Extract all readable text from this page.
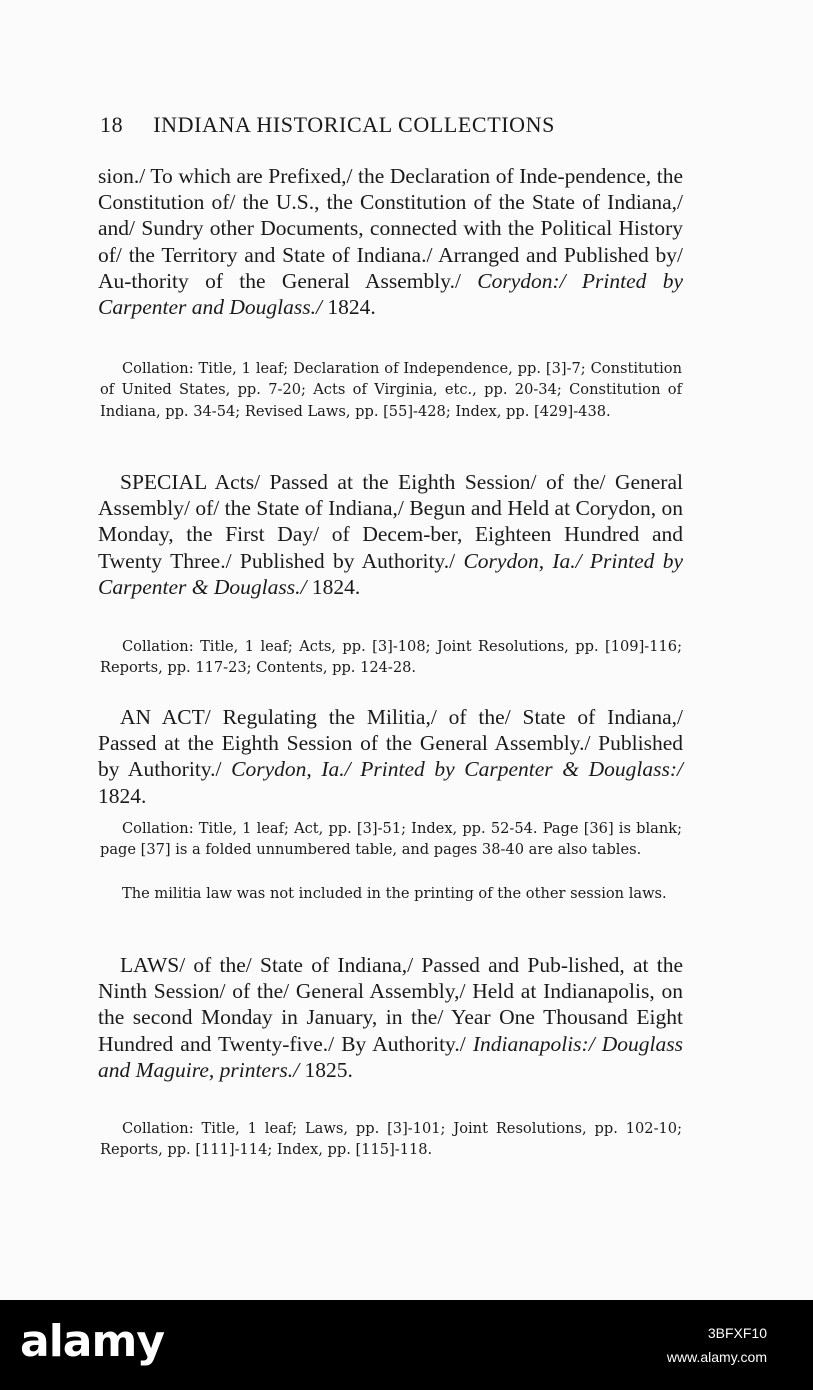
18 INDIANA HISTORICAL COLLECTIONS

sion./ To which are Prefixed,/ the Declaration of Inde-pendence, the Constitution of/ the U.S., the Constitution of the State of Indiana,/ and/ Sundry other Documents, connected with the Political History of/ the Territory and State of Indiana./ Arranged and Published by/ Au-thority of the General Assembly./ Corydon:/ Printed by Carpenter and Douglass./ 1824.

Collation: Title, 1 leaf; Declaration of Independence, pp. [3]-7; Constitution of United States, pp. 7-20; Acts of Virginia, etc., pp. 20-34; Constitution of Indiana, pp. 34-54; Revised Laws, pp. [55]-428; Index, pp. [429]-438.

SPECIAL Acts/ Passed at the Eighth Session/ of the/ General Assembly/ of/ the State of Indiana,/ Begun and Held at Corydon, on Monday, the First Day/ of Decem-ber, Eighteen Hundred and Twenty Three./ Published by Authority./ Corydon, Ia./ Printed by Carpenter & Douglass./ 1824.

Collation: Title, 1 leaf; Acts, pp. [3]-108; Joint Resolutions, pp. [109]-116; Reports, pp. 117-23; Contents, pp. 124-28.

AN ACT/ Regulating the Militia,/ of the/ State of Indiana,/ Passed at the Eighth Session of the General Assembly./ Published by Authority./ Corydon, Ia./ Printed by Carpenter & Douglass:/ 1824.

Collation: Title, 1 leaf; Act, pp. [3]-51; Index, pp. 52-54. Page [36] is blank; page [37] is a folded unnumbered table, and pages 38-40 are also tables.

The militia law was not included in the printing of the other session laws.

LAWS/ of the/ State of Indiana,/ Passed and Pub-lished, at the Ninth Session/ of the/ General Assembly,/ Held at Indianapolis, on the second Monday in January, in the/ Year One Thousand Eight Hundred and Twenty-five./ By Authority./ Indianapolis:/ Douglass and Maguire, printers./ 1825.

Collation: Title, 1 leaf; Laws, pp. [3]-101; Joint Resolutions, pp. 102-10; Reports, pp. [111]-114; Index, pp. [115]-118.

alamy	3BFXF10
www.alamy.com
